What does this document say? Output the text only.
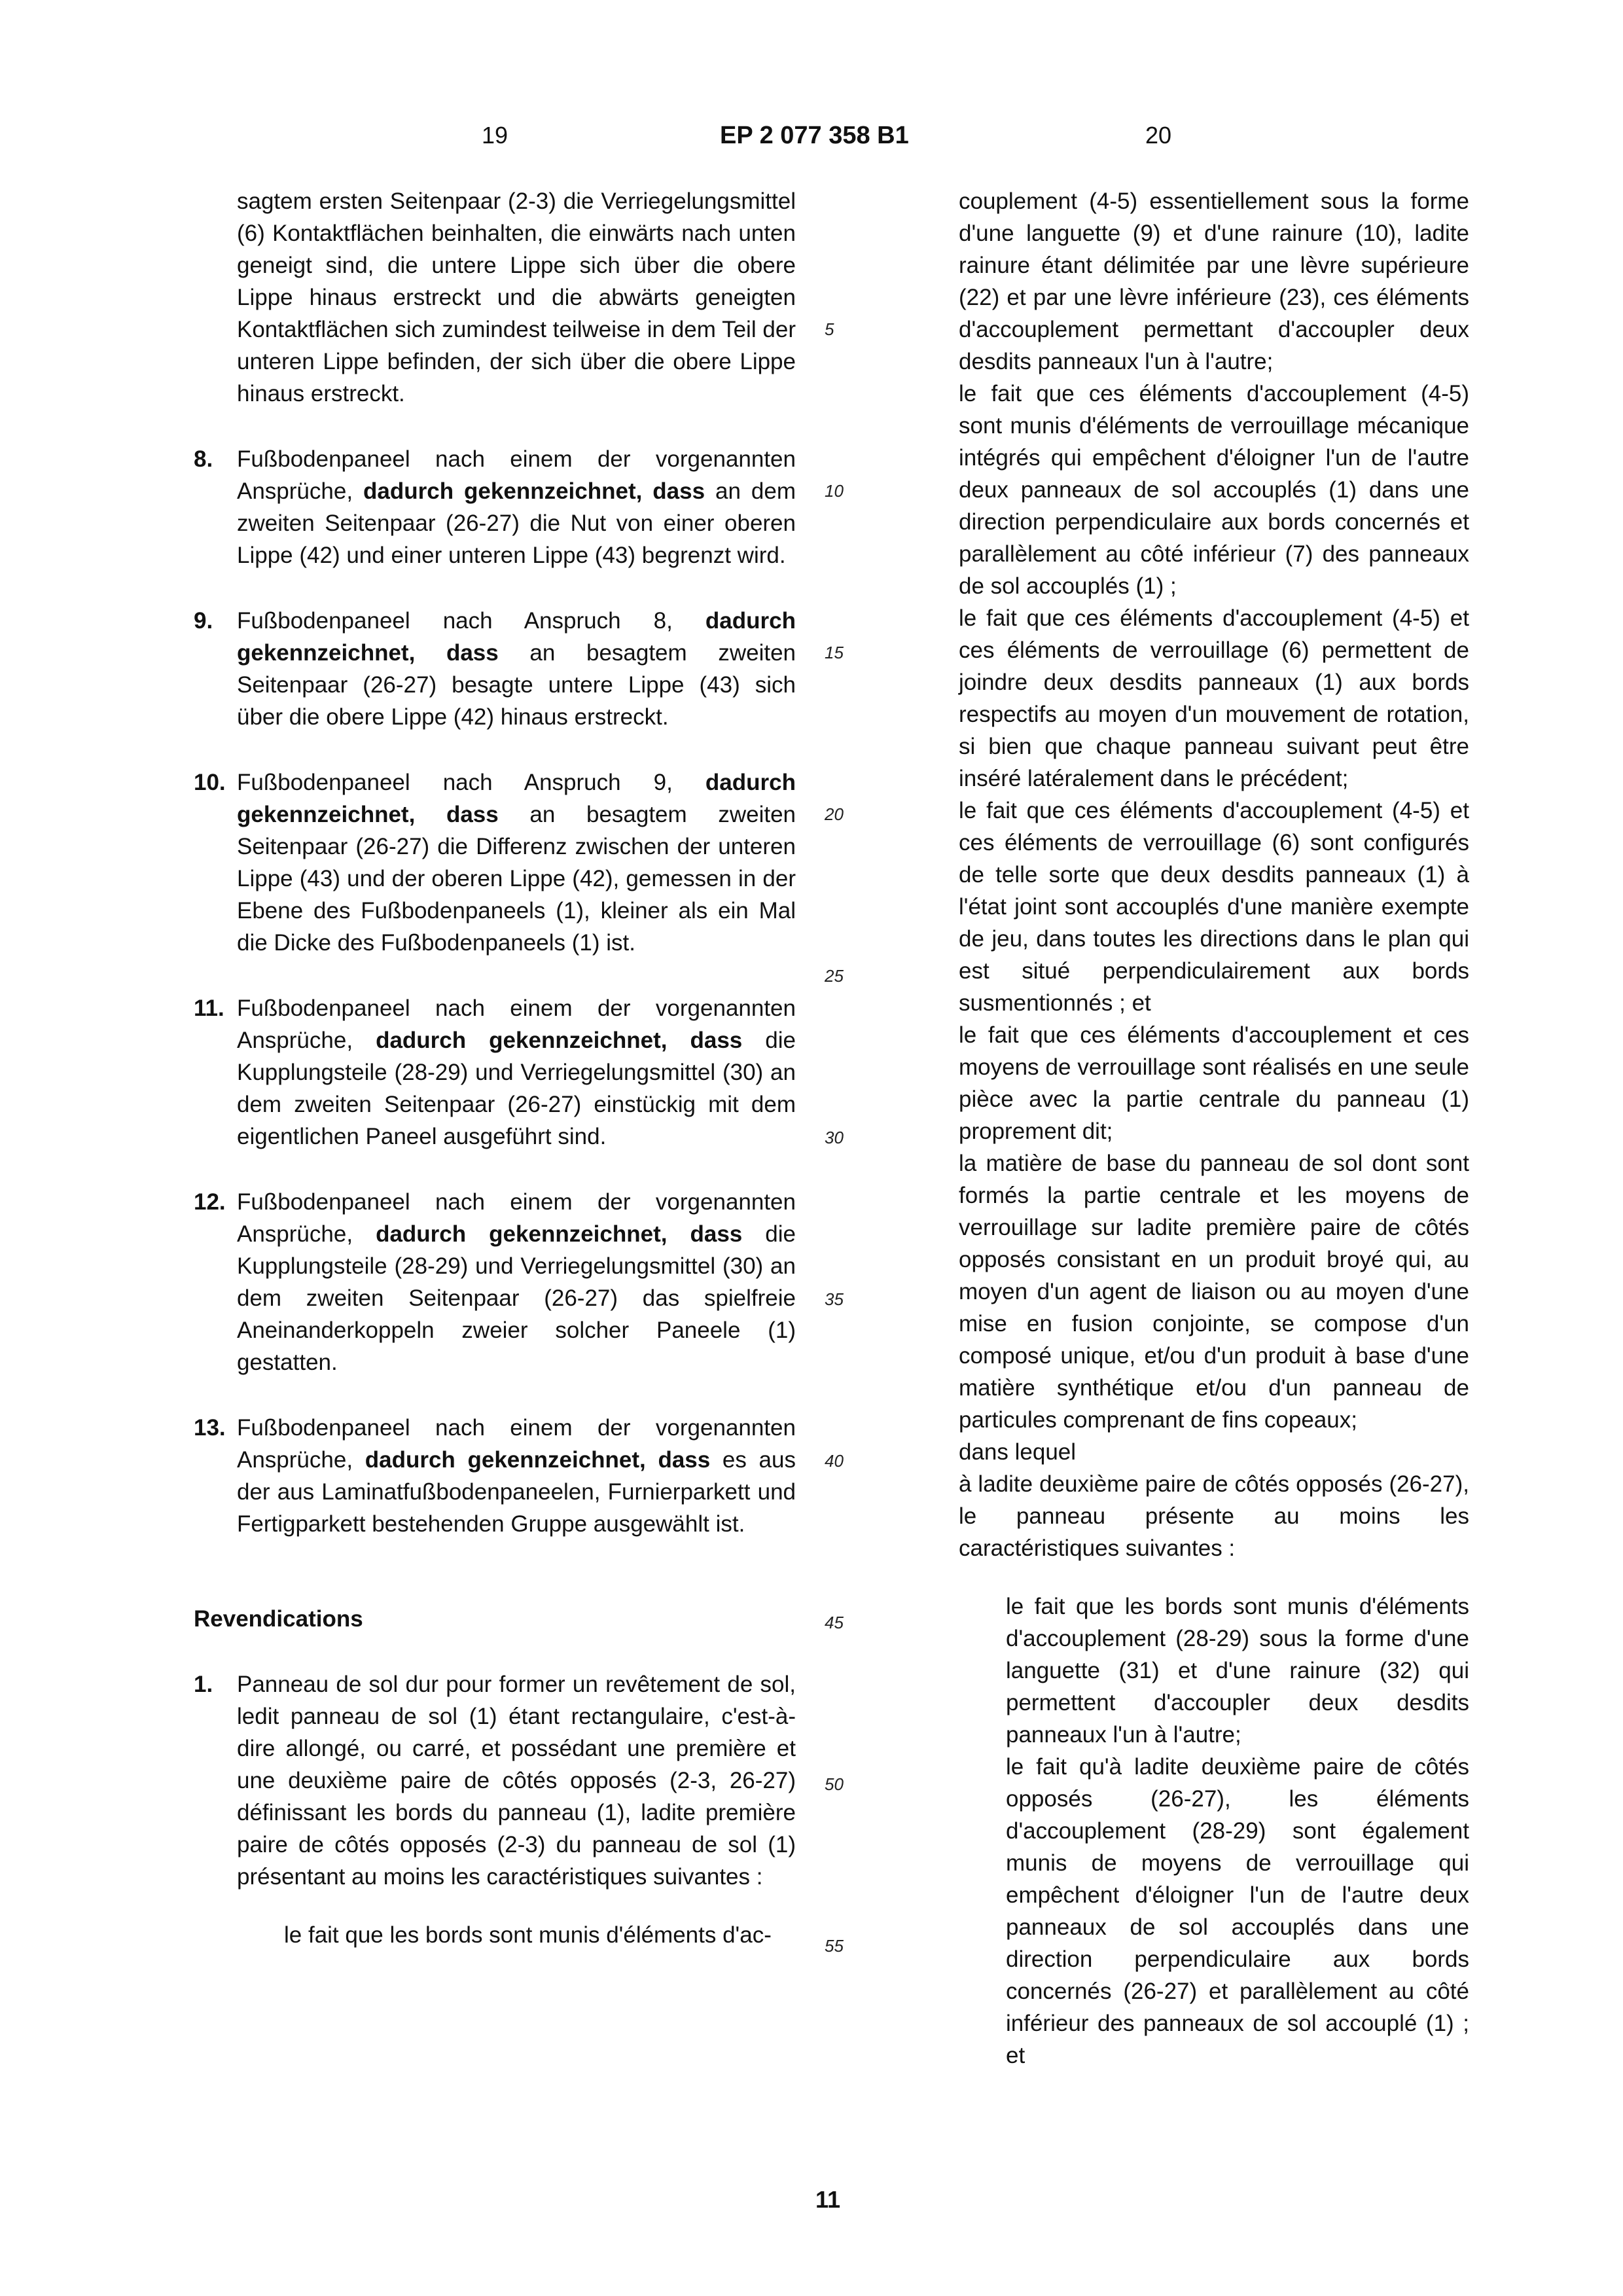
19	EP 2 077 358 B1	20
5
10
15
20
25
30
35
40
45
50
55
sagtem ersten Seitenpaar (2-3) die Verriegelungsmittel (6) Kontaktflächen beinhalten, die einwärts nach unten geneigt sind, die untere Lippe sich über die obere Lippe hinaus erstreckt und die abwärts geneigten Kontaktflächen sich zumindest teilweise in dem Teil der unteren Lippe befinden, der sich über die obere Lippe hinaus erstreckt.
8. Fußbodenpaneel nach einem der vorgenannten Ansprüche, dadurch gekennzeichnet, dass an dem zweiten Seitenpaar (26-27) die Nut von einer oberen Lippe (42) und einer unteren Lippe (43) begrenzt wird.
9. Fußbodenpaneel nach Anspruch 8, dadurch gekennzeichnet, dass an besagtem zweiten Seitenpaar (26-27) besagte untere Lippe (43) sich über die obere Lippe (42) hinaus erstreckt.
10. Fußbodenpaneel nach Anspruch 9, dadurch gekennzeichnet, dass an besagtem zweiten Seitenpaar (26-27) die Differenz zwischen der unteren Lippe (43) und der oberen Lippe (42), gemessen in der Ebene des Fußbodenpaneels (1), kleiner als ein Mal die Dicke des Fußbodenpaneels (1) ist.
11. Fußbodenpaneel nach einem der vorgenannten Ansprüche, dadurch gekennzeichnet, dass die Kupplungsteile (28-29) und Verriegelungsmittel (30) an dem zweiten Seitenpaar (26-27) einstückig mit dem eigentlichen Paneel ausgeführt sind.
12. Fußbodenpaneel nach einem der vorgenannten Ansprüche, dadurch gekennzeichnet, dass die Kupplungsteile (28-29) und Verriegelungsmittel (30) an dem zweiten Seitenpaar (26-27) das spielfreie Aneinanderkoppeln zweier solcher Paneele (1) gestatten.
13. Fußbodenpaneel nach einem der vorgenannten Ansprüche, dadurch gekennzeichnet, dass es aus der aus Laminatfußbodenpaneelen, Furnierparkett und Fertigparkett bestehenden Gruppe ausgewählt ist.
Revendications
1. Panneau de sol dur pour former un revêtement de sol, ledit panneau de sol (1) étant rectangulaire, c'est-à-dire allongé, ou carré, et possédant une première et une deuxième paire de côtés opposés (2-3, 26-27) définissant les bords du panneau (1), ladite première paire de côtés opposés (2-3) du panneau de sol (1) présentant au moins les caractéristiques suivantes :
le fait que les bords sont munis d'éléments d'ac-
couplement (4-5) essentiellement sous la forme d'une languette (9) et d'une rainure (10), ladite rainure étant délimitée par une lèvre supérieure (22) et par une lèvre inférieure (23), ces éléments d'accouplement permettant d'accoupler deux desdits panneaux l'un à l'autre;
le fait que ces éléments d'accouplement (4-5) sont munis d'éléments de verrouillage mécanique intégrés qui empêchent d'éloigner l'un de l'autre deux panneaux de sol accouplés (1) dans une direction perpendiculaire aux bords concernés et parallèlement au côté inférieur (7) des panneaux de sol accouplés (1) ;
le fait que ces éléments d'accouplement (4-5) et ces éléments de verrouillage (6) permettent de joindre deux desdits panneaux (1) aux bords respectifs au moyen d'un mouvement de rotation, si bien que chaque panneau suivant peut être inséré latéralement dans le précédent;
le fait que ces éléments d'accouplement (4-5) et ces éléments de verrouillage (6) sont configurés de telle sorte que deux desdits panneaux (1) à l'état joint sont accouplés d'une manière exempte de jeu, dans toutes les directions dans le plan qui est situé perpendiculairement aux bords susmentionnés ; et
le fait que ces éléments d'accouplement et ces moyens de verrouillage sont réalisés en une seule pièce avec la partie centrale du panneau (1) proprement dit;
la matière de base du panneau de sol dont sont formés la partie centrale et les moyens de verrouillage sur ladite première paire de côtés opposés consistant en un produit broyé qui, au moyen d'un agent de liaison ou au moyen d'une mise en fusion conjointe, se compose d'un composé unique, et/ou d'un produit à base d'une matière synthétique et/ou d'un panneau de particules comprenant de fins copeaux;
dans lequel
à ladite deuxième paire de côtés opposés (26-27), le panneau présente au moins les caractéristiques suivantes :
le fait que les bords sont munis d'éléments d'accouplement (28-29) sous la forme d'une languette (31) et d'une rainure (32) qui permettent d'accoupler deux desdits panneaux l'un à l'autre;
le fait qu'à ladite deuxième paire de côtés opposés (26-27), les éléments d'accouplement (28-29) sont également munis de moyens de verrouillage qui empêchent d'éloigner l'un de l'autre deux panneaux de sol accouplés dans une direction perpendiculaire aux bords concernés (26-27) et parallèlement au côté inférieur des panneaux de sol accouplé (1) ; et
11
